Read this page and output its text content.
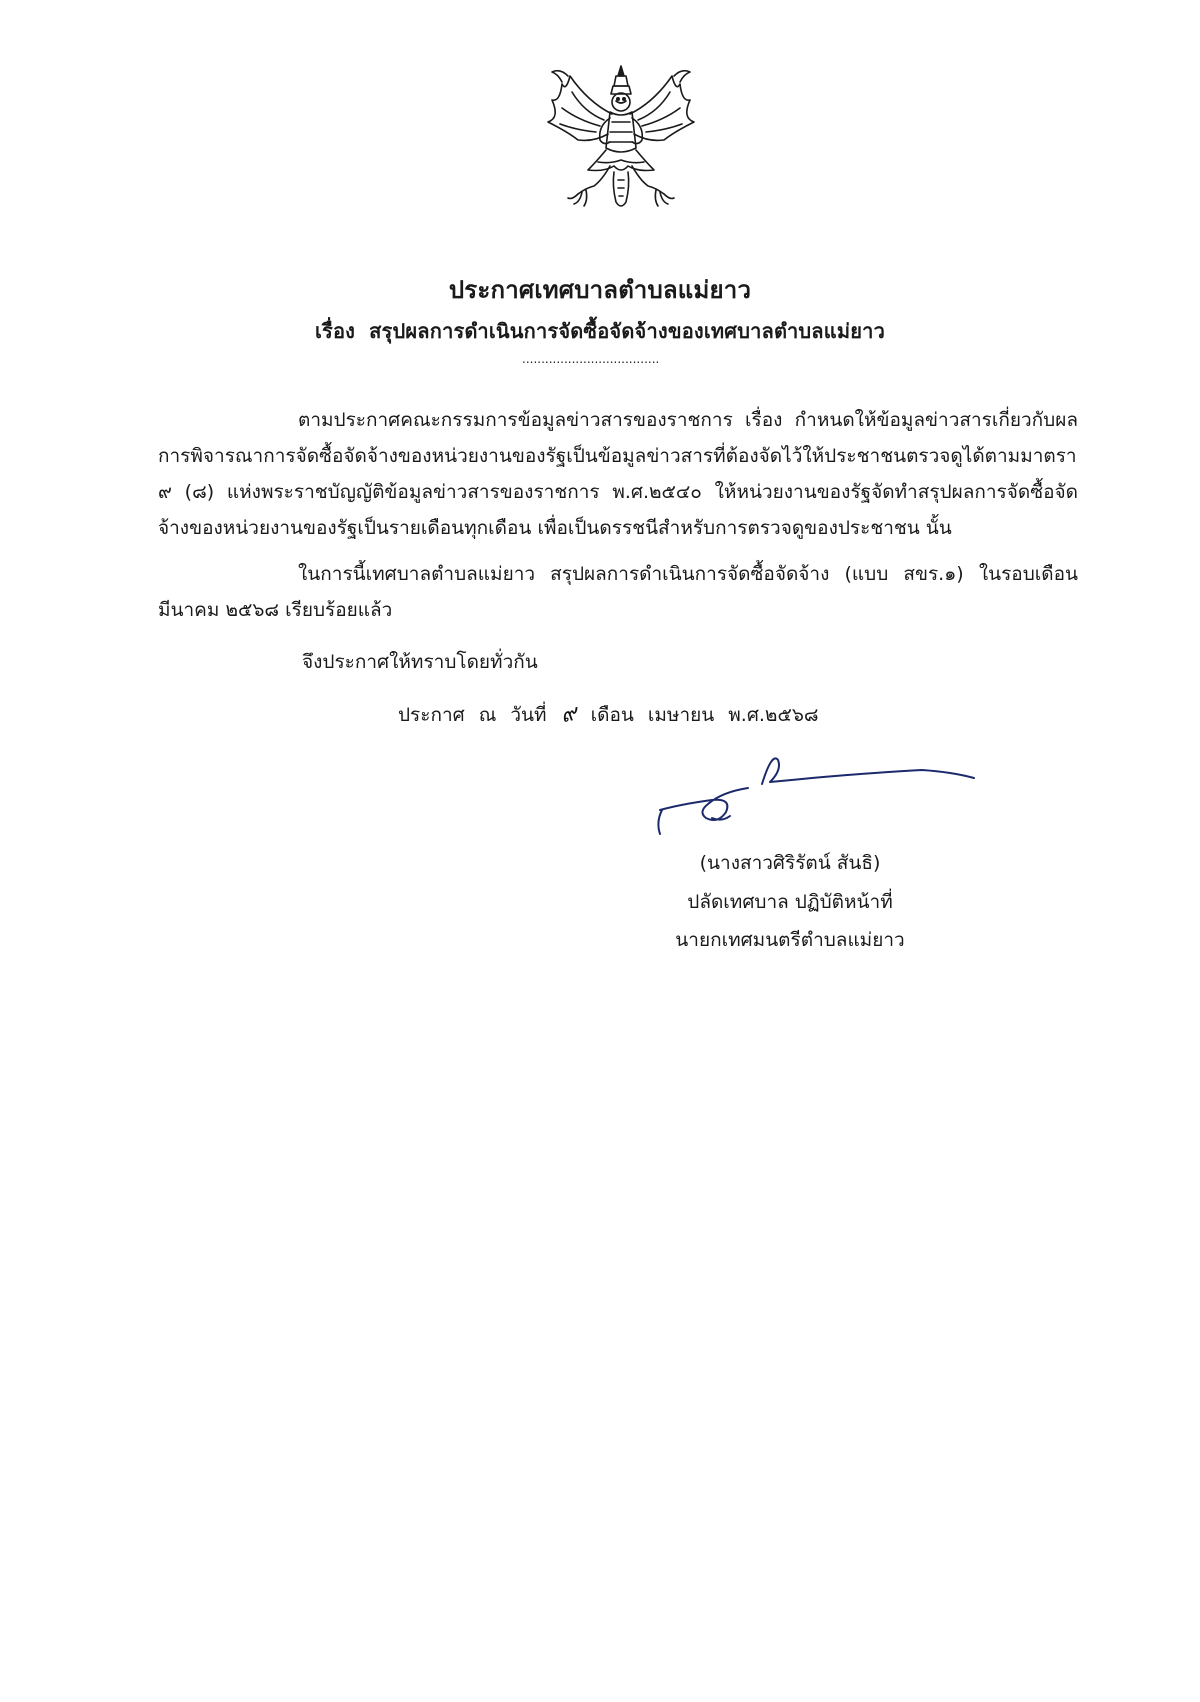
ประกาศเทศบาลตำบลแม่ยาว
เรื่อง สรุปผลการดำเนินการจัดซื้อจัดจ้างของเทศบาลตำบลแม่ยาว
....................................
ตามประกาศคณะกรรมการข้อมูลข่าวสารของราชการ เรื่อง กำหนดให้ข้อมูลข่าวสารเกี่ยวกับผลการพิจารณาการจัดซื้อจัดจ้างของหน่วยงานของรัฐเป็นข้อมูลข่าวสารที่ต้องจัดไว้ให้ประชาชนตรวจดูได้ตามมาตรา ๙ (๘) แห่งพระราชบัญญัติข้อมูลข่าวสารของราชการ พ.ศ.๒๕๔๐ ให้หน่วยงานของรัฐจัดทำสรุปผลการจัดซื้อจัดจ้างของหน่วยงานของรัฐเป็นรายเดือนทุกเดือน เพื่อเป็นดรรชนีสำหรับการตรวจดูของประชาชน นั้น
ในการนี้เทศบาลตำบลแม่ยาว สรุปผลการดำเนินการจัดซื้อจัดจ้าง (แบบ สขร.๑) ในรอบเดือนมีนาคม ๒๕๖๘ เรียบร้อยแล้ว
จึงประกาศให้ทราบโดยทั่วกัน
ประกาศ ณ วันที่ ๙ เดือน เมษายน พ.ศ.๒๕๖๘
(นางสาวศิริรัตน์ สันธิ)
ปลัดเทศบาล ปฏิบัติหน้าที่
นายกเทศมนตรีตำบลแม่ยาว
